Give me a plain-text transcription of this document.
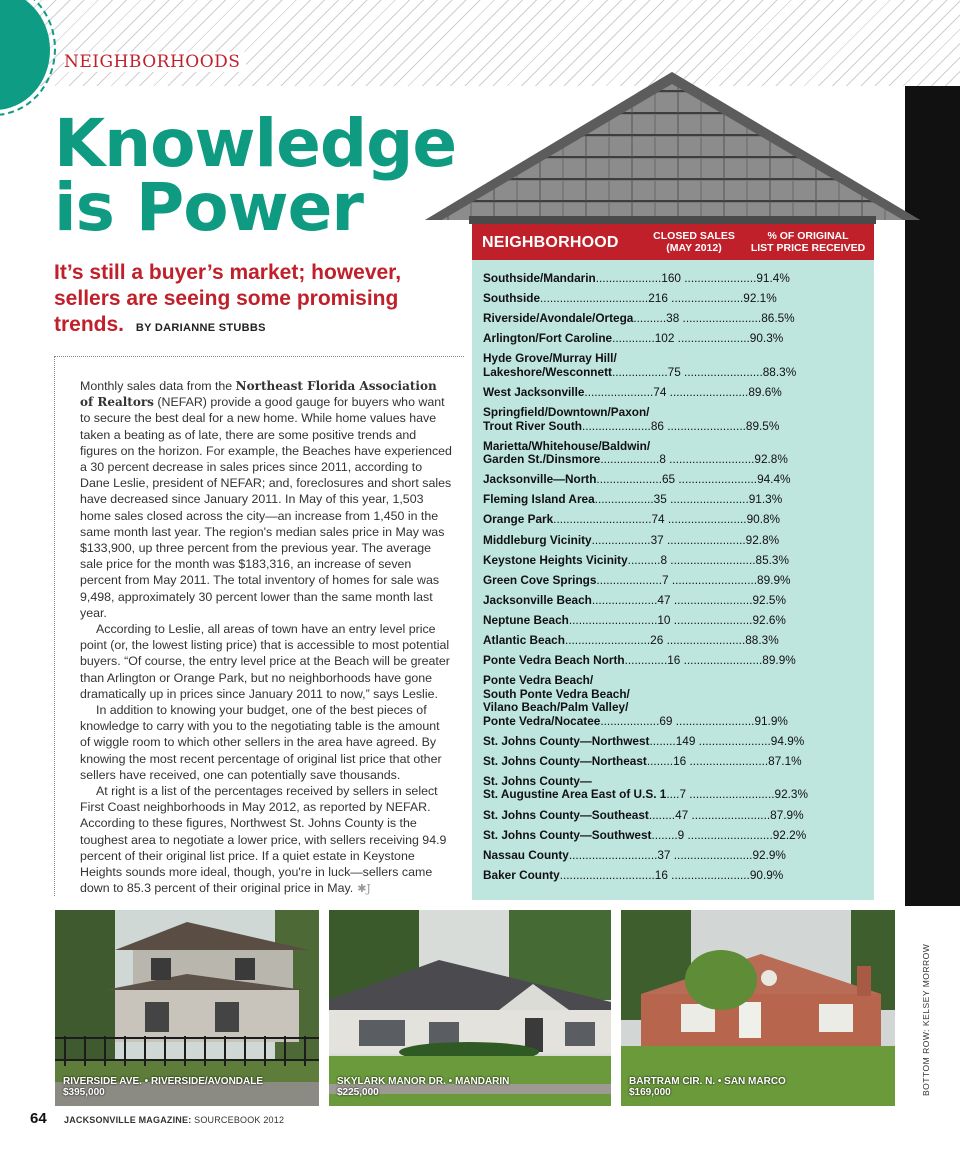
NEIGHBORHOODS
Knowledge
is Power
It’s still a buyer’s market; however, sellers are seeing some promising trends. BY DARIANNE STUBBS

Monthly sales data from the Northeast Florida Association of Realtors (NEFAR) provide a good gauge for buyers who want to secure the best deal for a new home. While home values have taken a beating as of late, there are some positive trends and figures on the horizon. For example, the Beaches have experienced a 30 percent decrease in sales prices since 2011, according to Dane Leslie, president of NEFAR; and, foreclosures and short sales have decreased since January 2011. In May of this year, 1,503 home sales closed across the city—an increase from 1,450 in the same month last year. The region's median sales price in May was $133,900, up three percent from the previous year. The average sale price for the month was $183,316, an increase of seven percent from May 2011. The total inventory of homes for sale was 9,498, approximately 30 percent lower than the same month last year.

According to Leslie, all areas of town have an entry level price point (or, the lowest listing price) that is accessible to most potential buyers. “Of course, the entry level price at the Beach will be greater than Arlington or Orange Park, but no neighborhoods have gone dramatically up in prices since January 2011 to now,” says Leslie.

In addition to knowing your budget, one of the best pieces of knowledge to carry with you to the negotiating table is the amount of wiggle room to which other sellers in the area have agreed. By knowing the most recent percentage of original list price that other sellers have received, one can potentially save thousands.

At right is a list of the percentages received by sellers in select First Coast neighborhoods in May 2012, as reported by NEFAR. According to these figures, Northwest St. Johns County is the toughest area to negotiate a lower price, with sellers receiving 94.9 percent of their original list price. If a quiet estate in Keystone Heights sounds more ideal, though, you're in luck—sellers came down to 85.3 percent of their original price in May. ✱J

NEIGHBORHOOD	CLOSED SALES
(MAY 2012)
% OF ORIGINAL
LIST PRICE RECEIVED
Southside/Mandarin....................160 ......................91.4%
Southside.................................216 ......................92.1%
Riverside/Avondale/Ortega..........38 ........................86.5%
Arlington/Fort Caroline.............102 ......................90.3%
Hyde Grove/Murray Hill/
Lakeshore/Wesconnett.................75 ........................88.3%
West Jacksonville.....................74 ........................89.6%
Springfield/Downtown/Paxon/
Trout River South.....................86 ........................89.5%
Marietta/Whitehouse/Baldwin/
Garden St./Dinsmore..................8 ..........................92.8%
Jacksonville—North....................65 ........................94.4%
Fleming Island Area..................35 ........................91.3%
Orange Park..............................74 ........................90.8%
Middleburg Vicinity..................37 ........................92.8%
Keystone Heights Vicinity..........8 ..........................85.3%
Green Cove Springs....................7 ..........................89.9%
Jacksonville Beach....................47 ........................92.5%
Neptune Beach...........................10 ........................92.6%
Atlantic Beach..........................26 ........................88.3%
Ponte Vedra Beach North.............16 ........................89.9%
Ponte Vedra Beach/
South Ponte Vedra Beach/
Vilano Beach/Palm Valley/
Ponte Vedra/Nocatee..................69 ........................91.9%
St. Johns County—Northwest........149 ......................94.9%
St. Johns County—Northeast........16 ........................87.1%
St. Johns County—
St. Augustine Area East of U.S. 1....7 ..........................92.3%
St. Johns County—Southeast........47 ........................87.9%
St. Johns County—Southwest........9 ..........................92.2%
Nassau County...........................37 ........................92.9%
Baker County.............................16 ........................90.9%
RIVERSIDE AVE. • RIVERSIDE/AVONDALE
$395,000
SKYLARK MANOR DR. • MANDARIN
$225,000
BARTRAM CIR. N. • SAN MARCO
$169,000	BOTTOM ROW: KELSEY MORROW
64 JACKSONVILLE MAGAZINE: SOURCEBOOK 2012
